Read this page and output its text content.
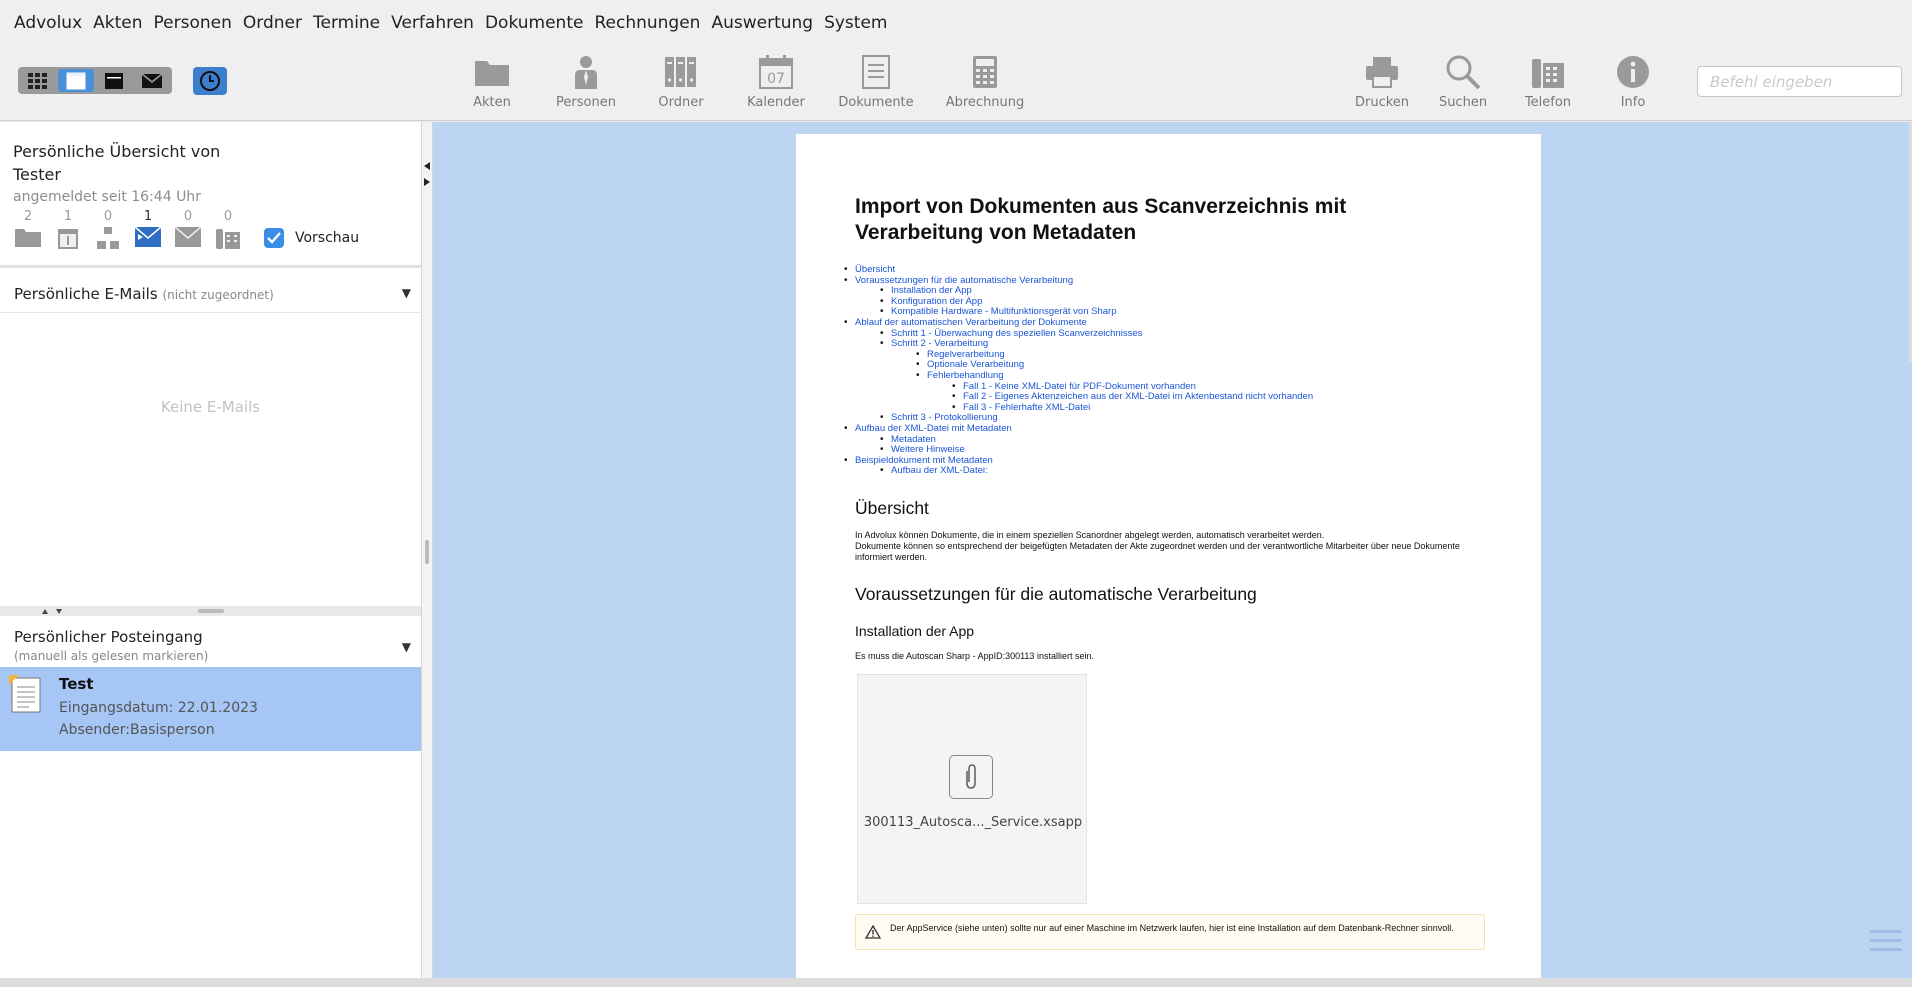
Advolux Akten Personen Ordner Termine Verfahren Dokumente Rechnungen Auswertung System
Akten	Personen	Ordner
07
Kalender	Dokumente	Abrechnung	Drucken	Suchen	Telefon	Info
Befehl eingeben
Persönliche Übersicht von
Tester
angemeldet seit 16:44 Uhr
2	1	0	1	0	0
Vorschau
Persönliche E-Mails (nicht zugeordnet)	▼
Keine E-Mails
Persönlicher Posteingang
(manuell als gelesen markieren)
▼
Test
Eingangsdatum: 22.01.2023
Absender:Basisperson
Import von Dokumenten aus Scanverzeichnis mit Verarbeitung von Metadaten
• Übersicht
• Voraussetzungen für die automatische Verarbeitung
• Installation der App
• Konfiguration der App
• Kompatible Hardware - Multifunktionsgerät von Sharp
• Ablauf der automatischen Verarbeitung der Dokumente
• Schritt 1 - Überwachung des speziellen Scanverzeichnisses
• Schritt 2 - Verarbeitung
• Regelverarbeitung
• Optionale Verarbeitung
• Fehlerbehandlung
• Fall 1 - Keine XML-Datei für PDF-Dokument vorhanden
• Fall 2 - Eigenes Aktenzeichen aus der XML-Datei im Aktenbestand nicht vorhanden
• Fall 3 - Fehlerhafte XML-Datei
• Schritt 3 - Protokollierung
• Aufbau der XML-Datei mit Metadaten
• Metadaten
• Weitere Hinweise
• Beispieldokument mit Metadaten
• Aufbau der XML-Datei:
Übersicht
In Advolux können Dokumente, die in einem speziellen Scanordner abgelegt werden, automatisch verarbeitet werden.
Dokumente können so entsprechend der beigefügten Metadaten der Akte zugeordnet werden und der verantwortliche Mitarbeiter über neue Dokumente informiert werden.
Voraussetzungen für die automatische Verarbeitung
Installation der App
Es muss die Autoscan Sharp - AppID:300113 installiert sein.
300113_Autosca..._Service.xsapp
Der AppService (siehe unten) sollte nur auf einer Maschine im Netzwerk laufen, hier ist eine Installation auf dem Datenbank-Rechner sinnvoll.
